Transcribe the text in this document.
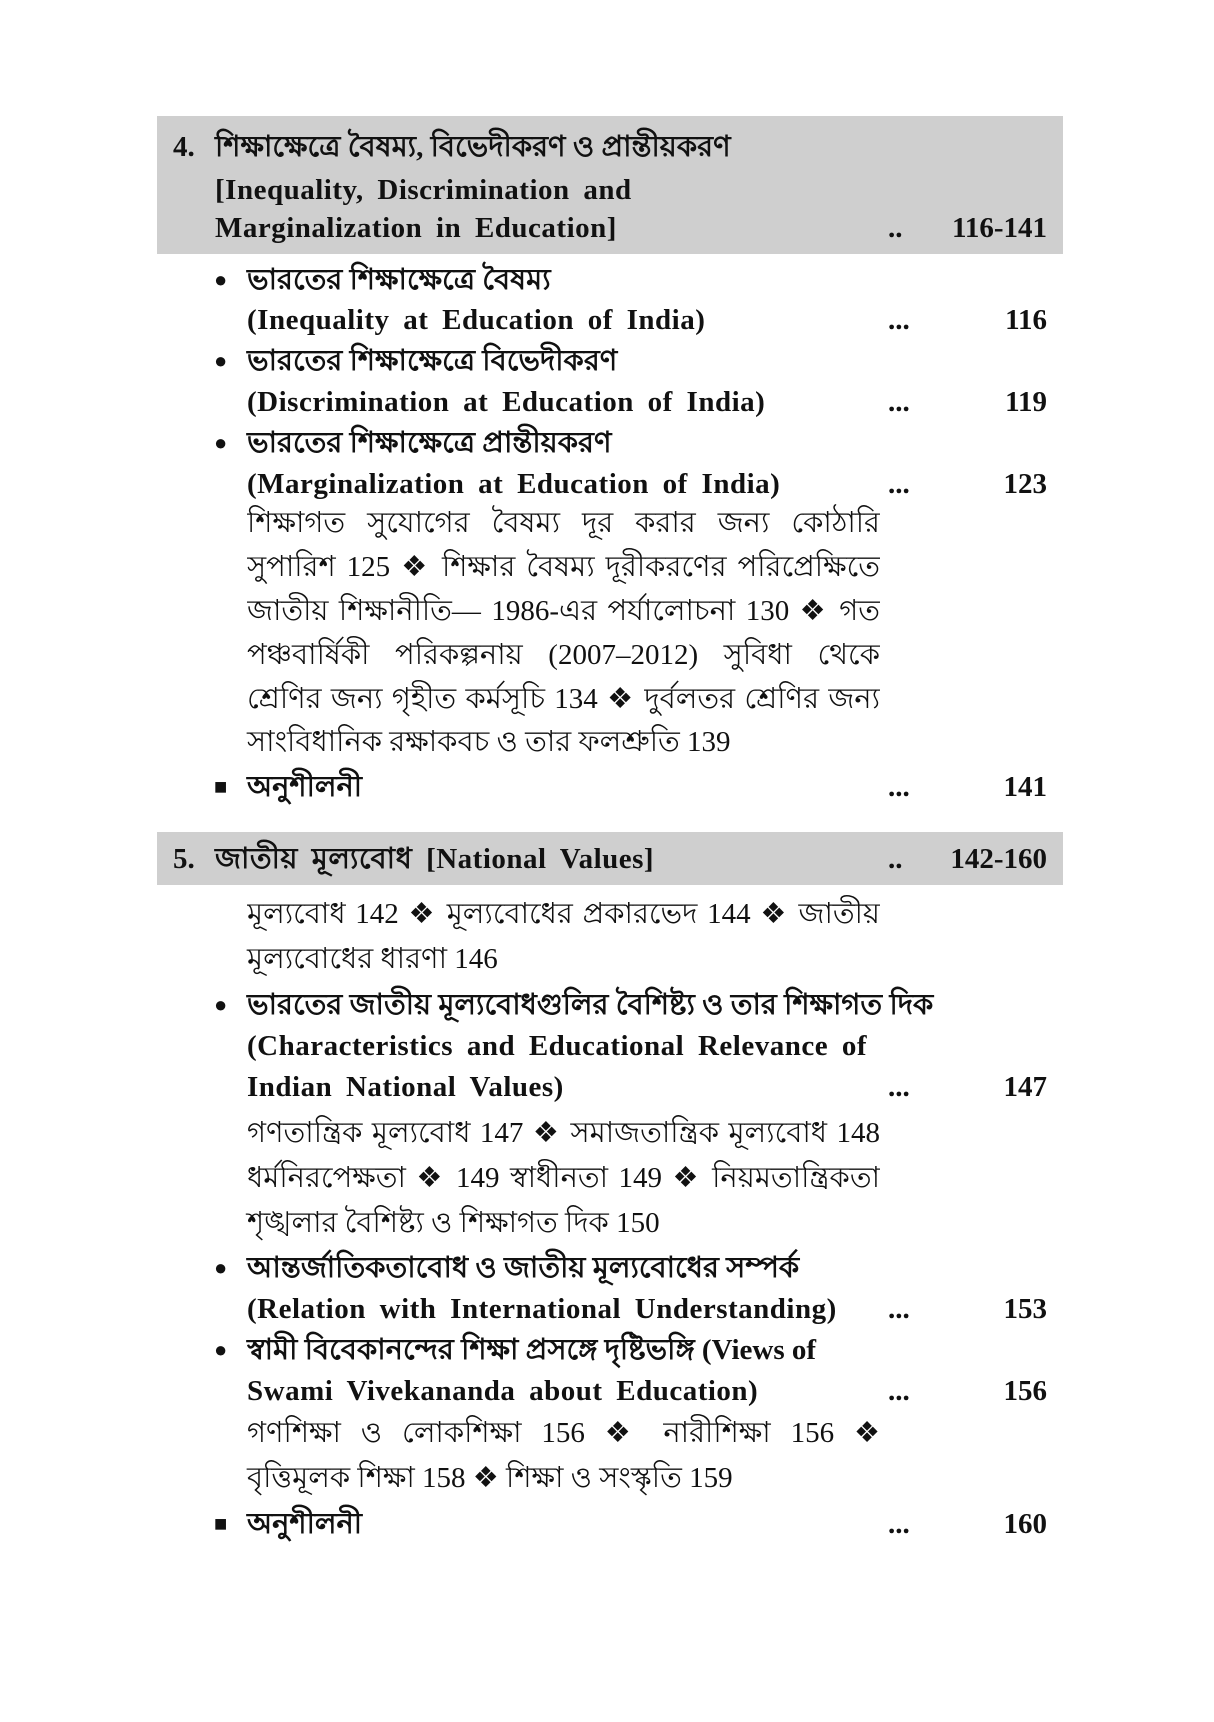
4. শিক্ষাক্ষেত্রে বৈষম্য, বিভেদীকরণ ও প্রান্তীয়করণ
[Inequality, Discrimination and
Marginalization in Education]	..	116-141
● ভারতের শিক্ষাক্ষেত্রে বৈষম্য
(Inequality at Education of India)	...	116
● ভারতের শিক্ষাক্ষেত্রে বিভেদীকরণ
(Discrimination at Education of India)	...	119
● ভারতের শিক্ষাক্ষেত্রে প্রান্তীয়করণ
(Marginalization at Education of India)	...	123
শিক্ষাগত সুযোগের বৈষম্য দূর করার জন্য কোঠারি
সুপারিশ 125 ❖ শিক্ষার বৈষম্য দূরীকরণের পরিপ্রেক্ষিতে
জাতীয় শিক্ষানীতি— 1986-এর পর্যালোচনা 130 ❖ গত
পঞ্চবার্ষিকী পরিকল্পনায় (2007–2012) সুবিধা থেকে
শ্রেণির জন্য গৃহীত কর্মসূচি 134 ❖ দুর্বলতর শ্রেণির জন্য
সাংবিধানিক রক্ষাকবচ ও তার ফলশ্রুতি 139
■ অনুশীলনী	...	141
5. জাতীয় মূল্যবোধ [National Values]	..	142-160
মূল্যবোধ 142 ❖ মূল্যবোধের প্রকারভেদ 144 ❖ জাতীয়
মূল্যবোধের ধারণা 146
● ভারতের জাতীয় মূল্যবোধগুলির বৈশিষ্ট্য ও তার শিক্ষাগত দিক
(Characteristics and Educational Relevance of
Indian National Values)	...	147
গণতান্ত্রিক মূল্যবোধ 147 ❖ সমাজতান্ত্রিক মূল্যবোধ 148
ধর্মনিরপেক্ষতা ❖ 149 স্বাধীনতা 149 ❖ নিয়মতান্ত্রিকতা
শৃঙ্খলার বৈশিষ্ট্য ও শিক্ষাগত দিক 150
● আন্তর্জাতিকতাবোধ ও জাতীয় মূল্যবোধের সম্পর্ক
(Relation with International Understanding) ...	153
● স্বামী বিবেকানন্দের শিক্ষা প্রসঙ্গে দৃষ্টিভঙ্গি (Views of
Swami Vivekananda about Education)	...	156
গণশিক্ষা ও লোকশিক্ষা 156 ❖ নারীশিক্ষা 156 ❖
বৃত্তিমূলক শিক্ষা 158 ❖ শিক্ষা ও সংস্কৃতি 159
■ অনুশীলনী	...	160
